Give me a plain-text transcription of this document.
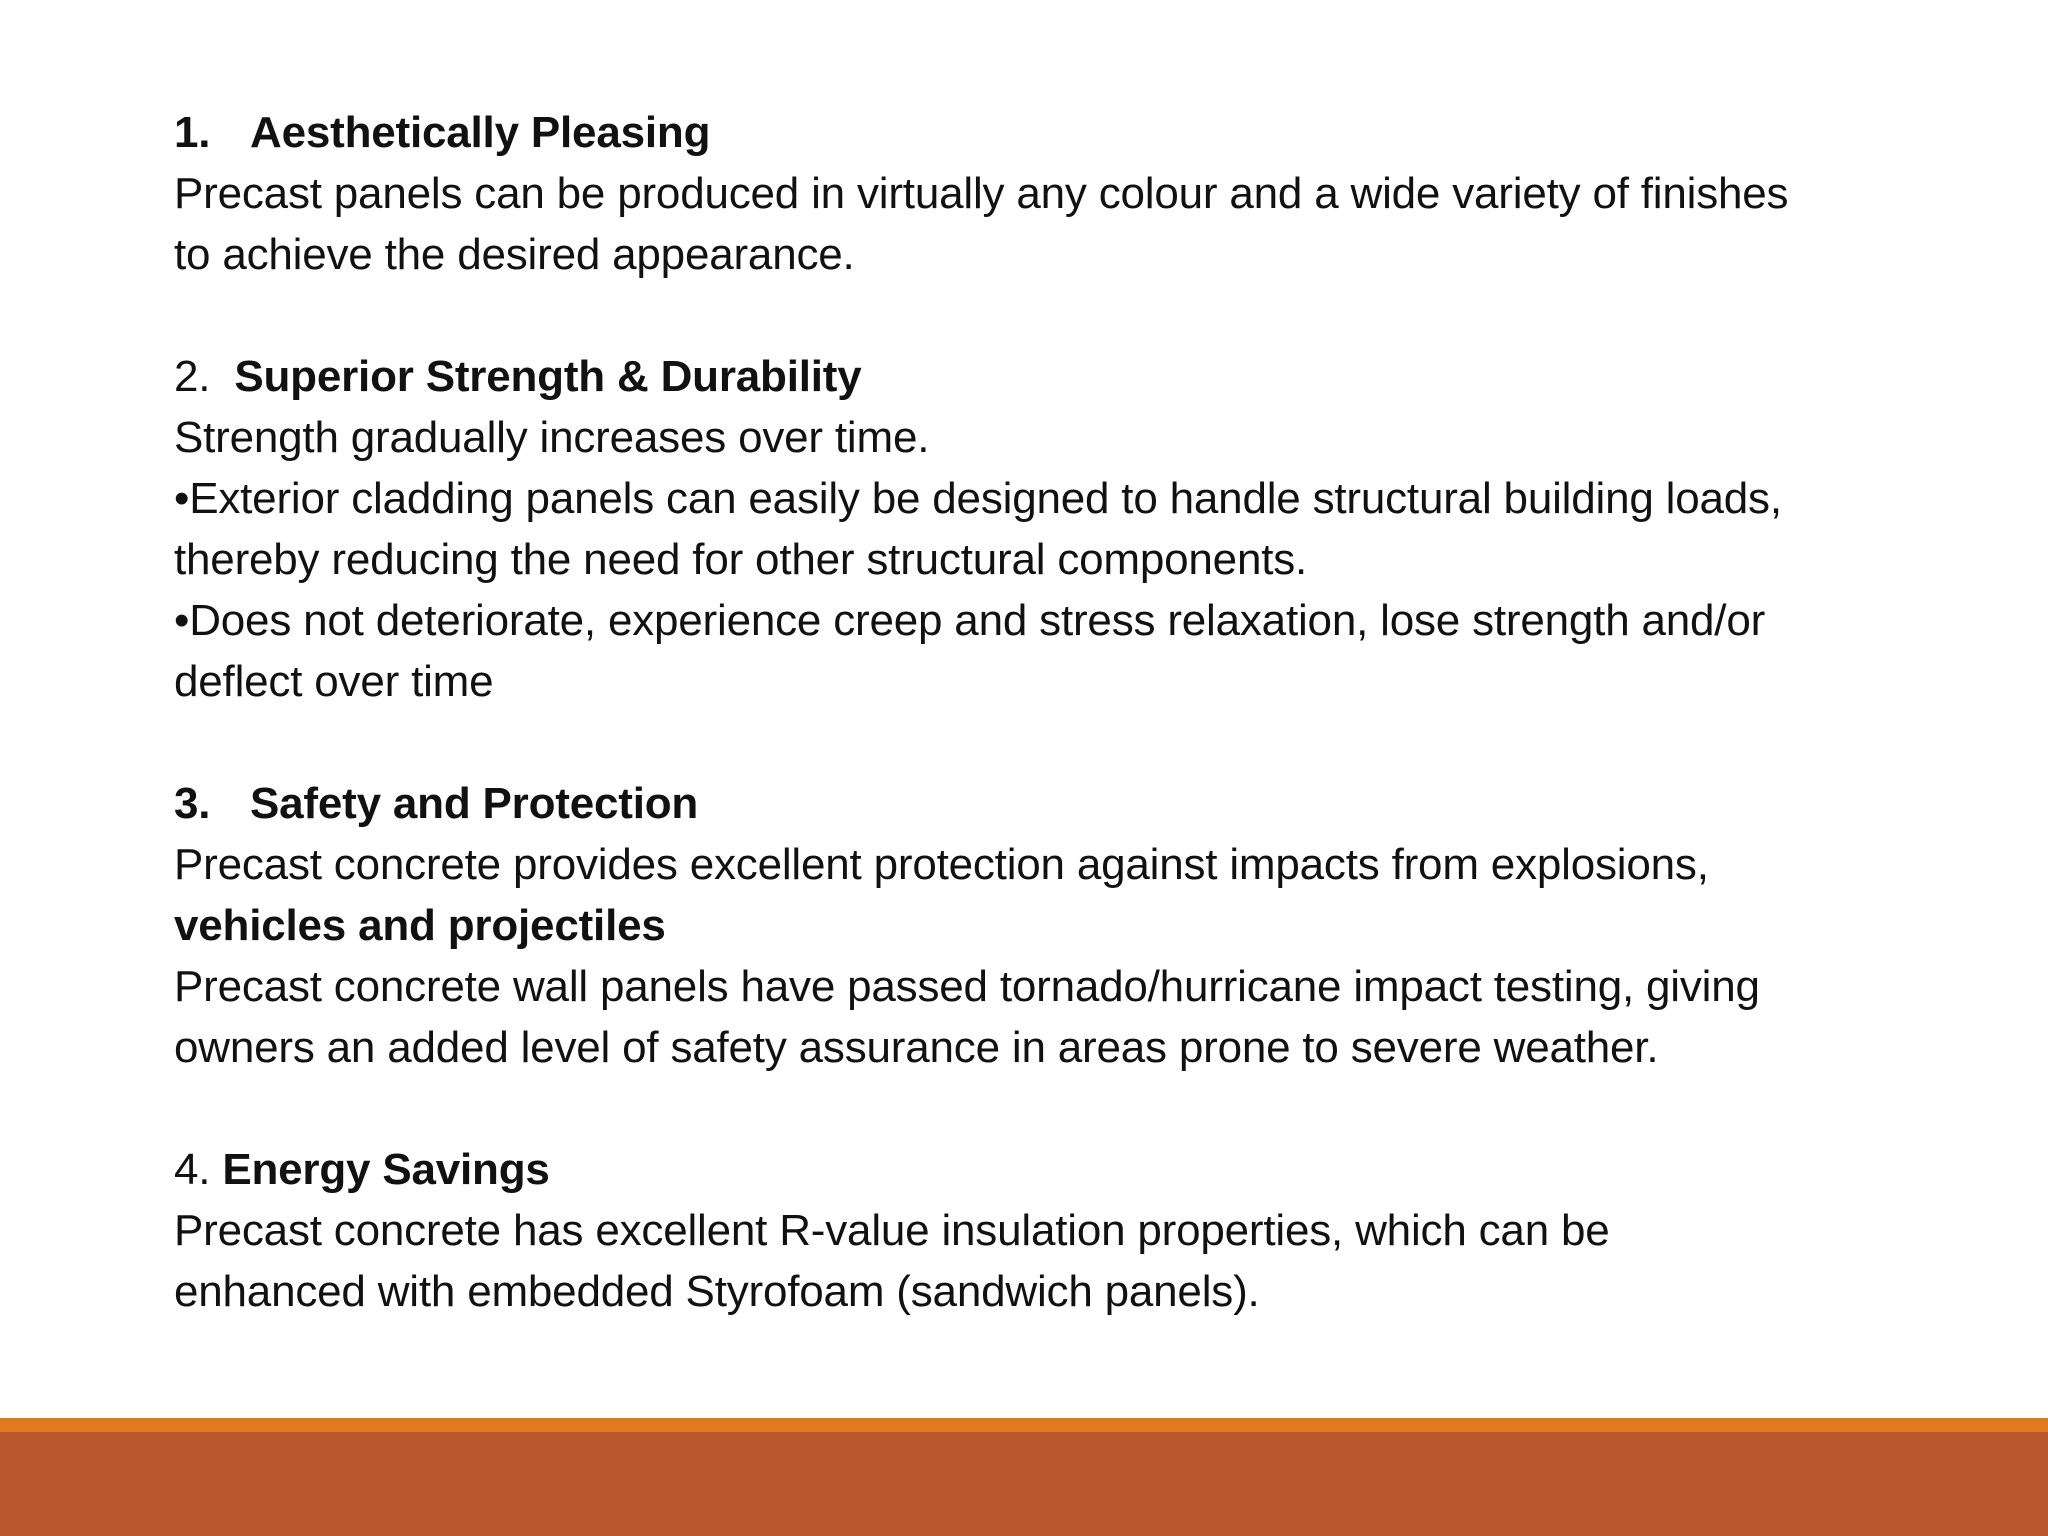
1. Aesthetically Pleasing
Precast panels can be produced in virtually any colour and a wide variety of finishes
to achieve the desired appearance.
2. Superior Strength & Durability
Strength gradually increases over time.
•Exterior cladding panels can easily be designed to handle structural building loads,
thereby reducing the need for other structural components.
•Does not deteriorate, experience creep and stress relaxation, lose strength and/or
deflect over time
3. Safety and Protection
Precast concrete provides excellent protection against impacts from explosions,
vehicles and projectiles
Precast concrete wall panels have passed tornado/hurricane impact testing, giving
owners an added level of safety assurance in areas prone to severe weather.
4. Energy Savings
Precast concrete has excellent R-value insulation properties, which can be
enhanced with embedded Styrofoam (sandwich panels).
